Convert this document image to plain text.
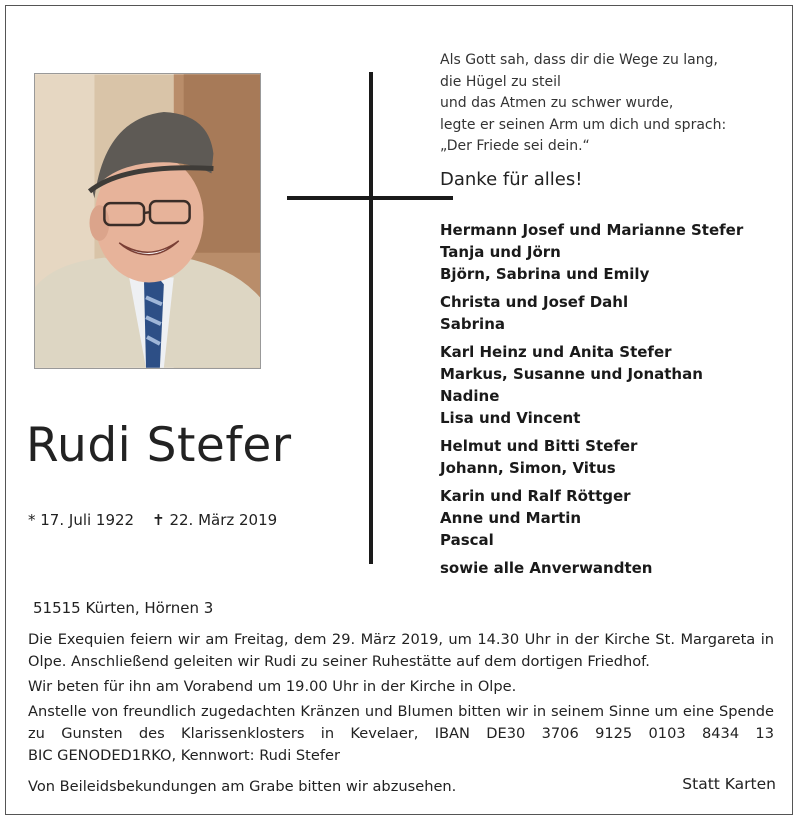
Rudi Stefer
* 17. Juli 1922 ✝ 22. März 2019
Als Gott sah, dass dir die Wege zu lang,
die Hügel zu steil
und das Atmen zu schwer wurde,
legte er seinen Arm um dich und sprach:
„Der Friede sei dein.“
Danke für alles!
Hermann Josef und Marianne Stefer
Tanja und Jörn
Björn, Sabrina und Emily
Christa und Josef Dahl
Sabrina
Karl Heinz und Anita Stefer
Markus, Susanne und Jonathan
Nadine
Lisa und Vincent
Helmut und Bitti Stefer
Johann, Simon, Vitus
Karin und Ralf Röttger
Anne und Martin
Pascal
sowie alle Anverwandten
51515 Kürten, Hörnen 3

Die Exequien feiern wir am Freitag, dem 29. März 2019, um 14.30 Uhr in der Kirche St. Margareta in Olpe. Anschließend geleiten wir Rudi zu seiner Ruhestätte auf dem dortigen Friedhof.

Wir beten für ihn am Vorabend um 19.00 Uhr in der Kirche in Olpe.

Anstelle von freundlich zugedachten Kränzen und Blumen bitten wir in seinem Sinne um eine Spende zu Gunsten des Klarissenklosters in Kevelaer, IBAN DE30 3706 9125 0103 8434 13

BIC GENODED1RKO, Kennwort: Rudi Stefer

Von Beileidsbekundungen am Grabe bitten wir abzusehen.	Statt Karten
